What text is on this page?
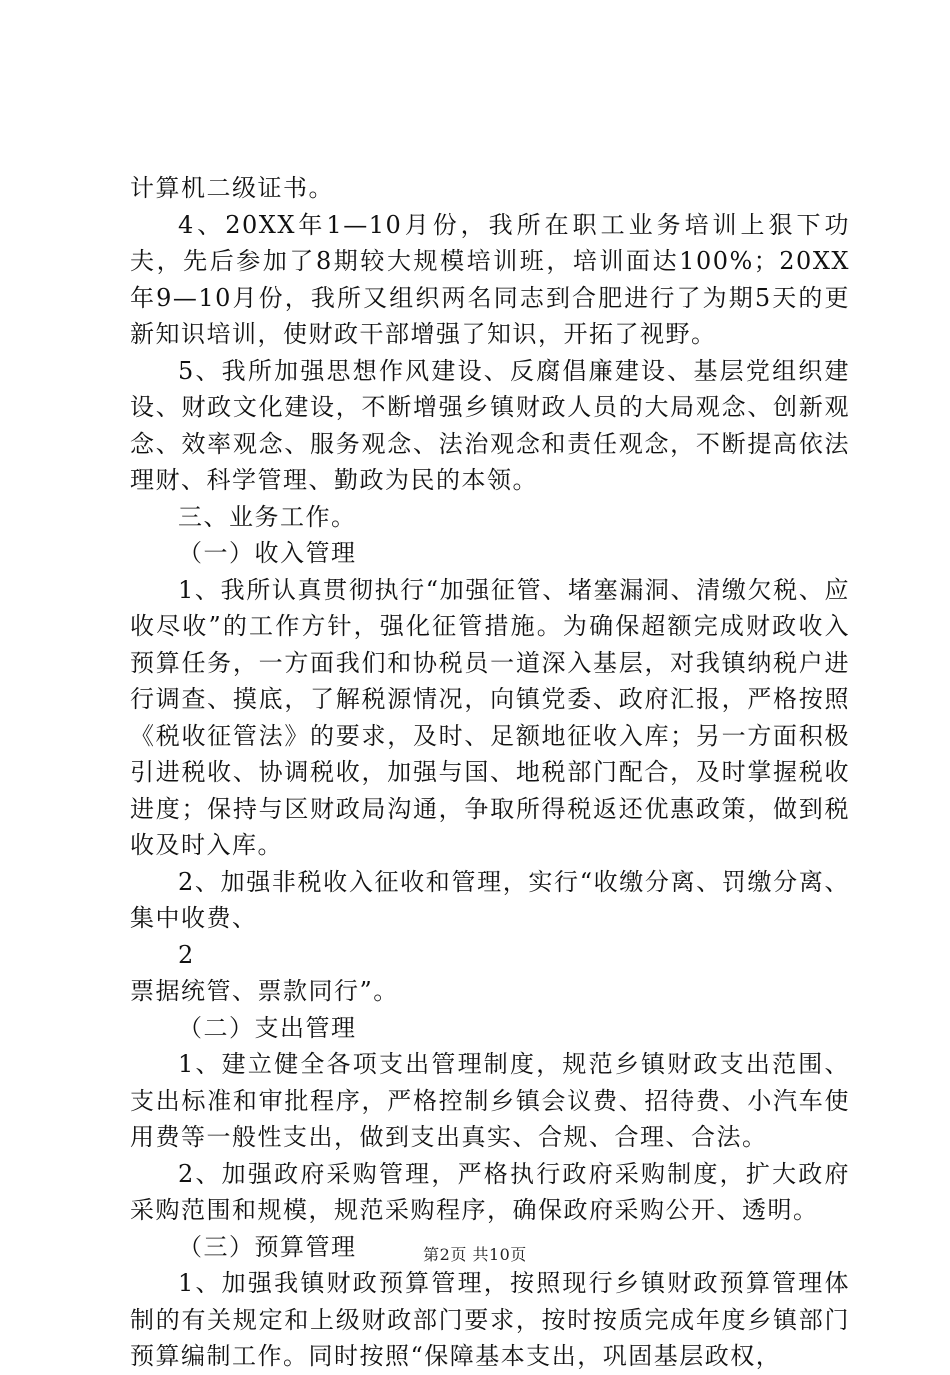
计算机二级证书。

4、20XX年1—10月份，我所在职工业务培训上狠下功夫，先后参加了8期较大规模培训班，培训面达100%；20XX年9—10月份，我所又组织两名同志到合肥进行了为期5天的更新知识培训，使财政干部增强了知识，开拓了视野。

5、我所加强思想作风建设、反腐倡廉建设、基层党组织建设、财政文化建设，不断增强乡镇财政人员的大局观念、创新观念、效率观念、服务观念、法治观念和责任观念，不断提高依法理财、科学管理、勤政为民的本领。

三、业务工作。

（一）收入管理

1、我所认真贯彻执行“加强征管、堵塞漏洞、清缴欠税、应收尽收”的工作方针，强化征管措施。为确保超额完成财政收入预算任务，一方面我们和协税员一道深入基层，对我镇纳税户进行调查、摸底，了解税源情况，向镇党委、政府汇报，严格按照《税收征管法》的要求，及时、足额地征收入库；另一方面积极引进税收、协调税收，加强与国、地税部门配合，及时掌握税收进度；保持与区财政局沟通，争取所得税返还优惠政策，做到税收及时入库。

2、加强非税收入征收和管理，实行“收缴分离、罚缴分离、集中收费、

2

票据统管、票款同行”。

（二）支出管理

1、建立健全各项支出管理制度，规范乡镇财政支出范围、支出标准和审批程序，严格控制乡镇会议费、招待费、小汽车使用费等一般性支出，做到支出真实、合规、合理、合法。

2、加强政府采购管理，严格执行政府采购制度，扩大政府采购范围和规模，规范采购程序，确保政府采购公开、透明。

（三）预算管理

1、加强我镇财政预算管理，按照现行乡镇财政预算管理体制的有关规定和上级财政部门要求，按时按质完成年度乡镇部门预算编制工作。同时按照“保障基本支出，巩固基层政权，

第2页 共10页
